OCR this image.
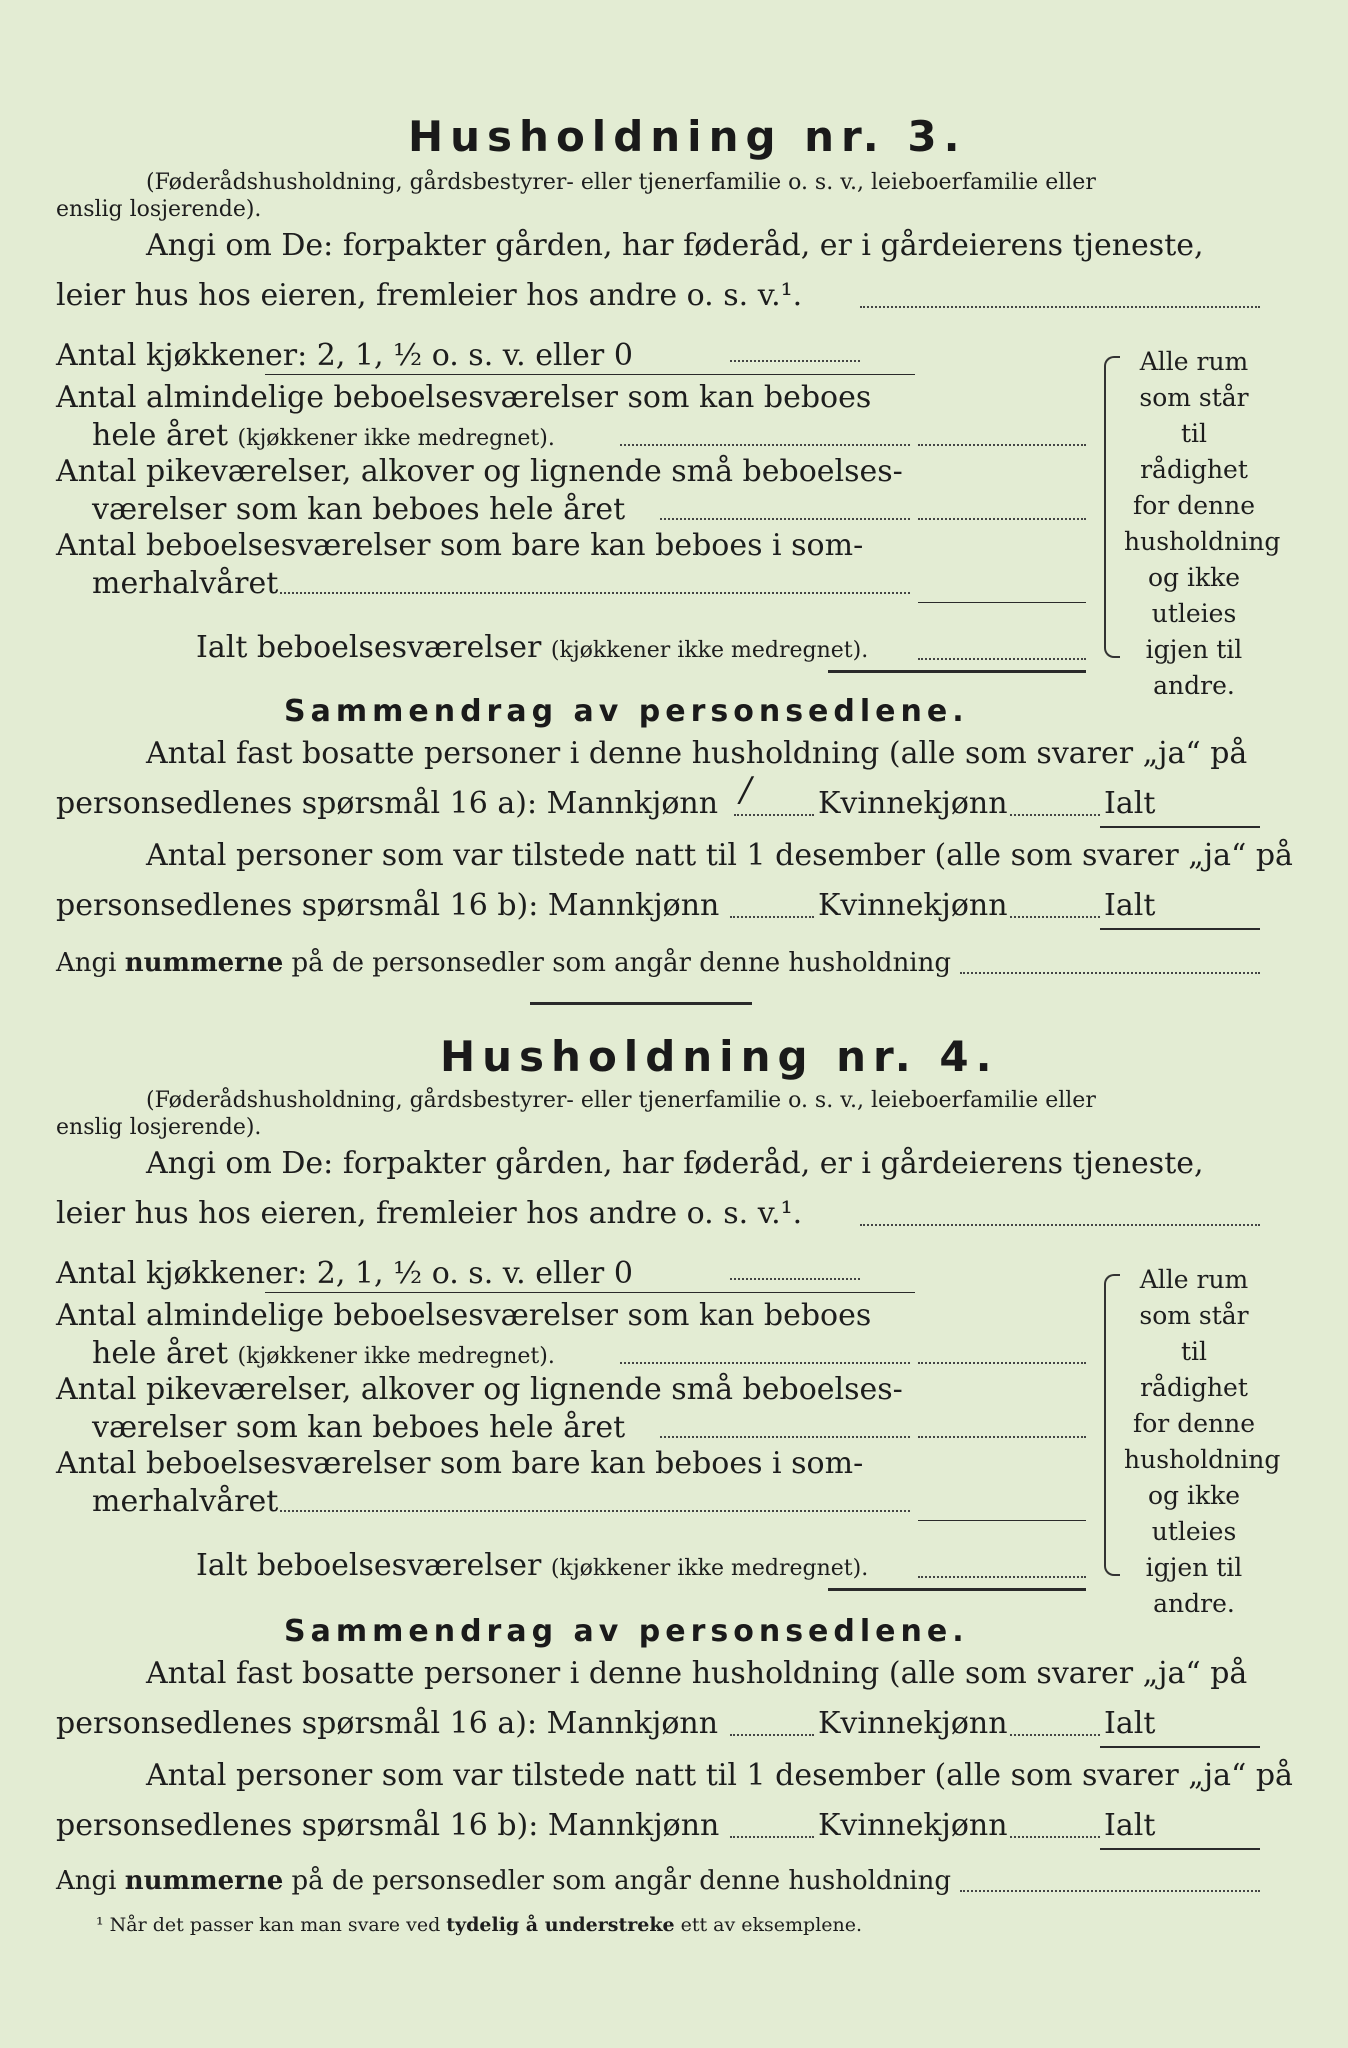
Husholdning nr. 3.
(Føderådshusholdning, gårdsbestyrer- eller tjenerfamilie o. s. v., leieboerfamilie eller
enslig losjerende).
Angi om De: forpakter gården, har føderåd, er i gårdeierens tjeneste,
leier hus hos eieren, fremleier hos andre o. s. v.¹.
Antal kjøkkener: 2, 1, ½ o. s. v. eller 0
Antal almindelige beboelsesværelser som kan beboes
hele året (kjøkkener ikke medregnet).
Antal pikeværelser, alkover og lignende små beboelses-
værelser som kan beboes hele året
Antal beboelsesværelser som bare kan beboes i som-
merhalvåret
Ialt beboelsesværelser (kjøkkener ikke medregnet).
Alle rum som står til rådighet for denne husholdning og ikke utleies igjen til andre.
Sammendrag av personsedlene.
Antal fast bosatte personer i denne husholdning (alle som svarer „ja“ på
personsedlenes spørsmål 16 a): Mannkjønn / Kvinnekjønn	Ialt
Antal personer som var tilstede natt til 1 desember (alle som svarer „ja“ på
personsedlenes spørsmål 16 b): Mannkjønn	Kvinnekjønn	Ialt
Angi nummerne på de personsedler som angår denne husholdning
Husholdning nr. 4.
(Føderådshusholdning, gårdsbestyrer- eller tjenerfamilie o. s. v., leieboerfamilie eller
enslig losjerende).
Angi om De: forpakter gården, har føderåd, er i gårdeierens tjeneste,
leier hus hos eieren, fremleier hos andre o. s. v.¹.
Antal kjøkkener: 2, 1, ½ o. s. v. eller 0
Antal almindelige beboelsesværelser som kan beboes
hele året (kjøkkener ikke medregnet).
Antal pikeværelser, alkover og lignende små beboelses-
værelser som kan beboes hele året
Antal beboelsesværelser som bare kan beboes i som-
merhalvåret
Ialt beboelsesværelser (kjøkkener ikke medregnet).
Alle rum som står til rådighet for denne husholdning og ikke utleies igjen til andre.
Sammendrag av personsedlene.
Antal fast bosatte personer i denne husholdning (alle som svarer „ja“ på
personsedlenes spørsmål 16 a): Mannkjønn	Kvinnekjønn	Ialt
Antal personer som var tilstede natt til 1 desember (alle som svarer „ja“ på
personsedlenes spørsmål 16 b): Mannkjønn	Kvinnekjønn	Ialt
Angi nummerne på de personsedler som angår denne husholdning
¹ Når det passer kan man svare ved tydelig å understreke ett av eksemplene.
